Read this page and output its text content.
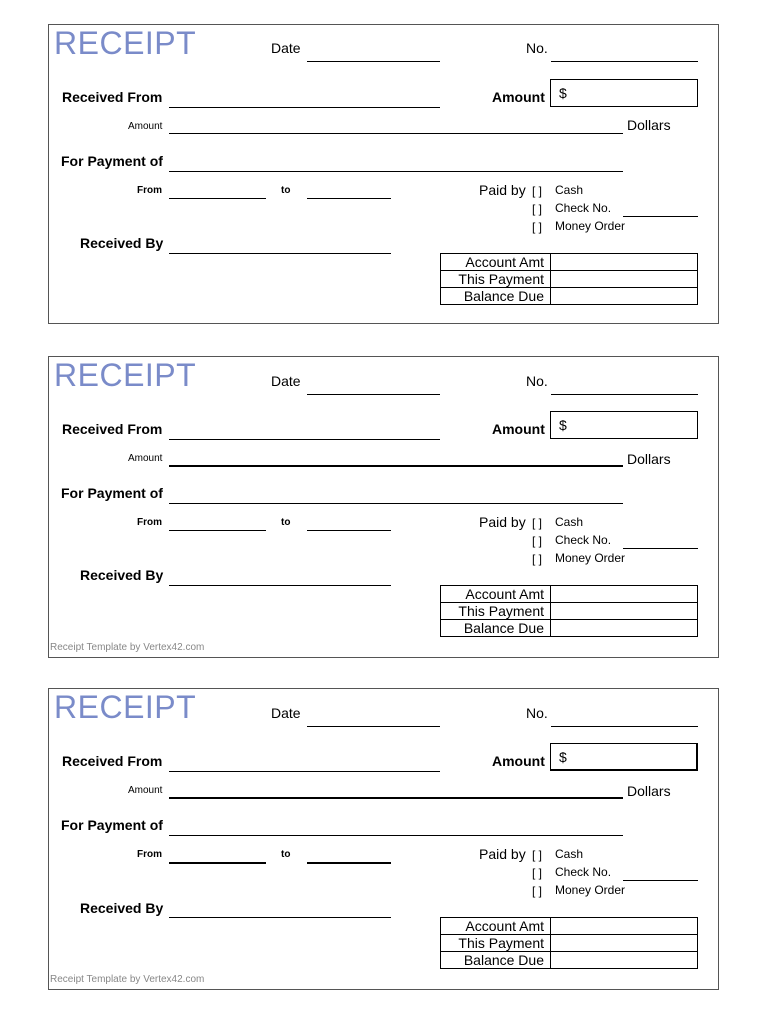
RECEIPT	Date	No.
Received From	Amount $
Amount	Dollars
For Payment of
From	to	Paid by [ ] Cash
[ ] Check No.
[ ] Money Order
Received By
Account Amt	
This Payment	
Balance Due	
RECEIPT	Date	No.
Received From	Amount $
Amount	Dollars
For Payment of
From	to	Paid by [ ] Cash
[ ] Check No.
[ ] Money Order
Received By
Account Amt	
This Payment	
Balance Due	
Receipt Template by Vertex42.com
RECEIPT	Date	No.
Received From	Amount $
Amount	Dollars
For Payment of
From	to	Paid by [ ] Cash
[ ] Check No.
[ ] Money Order
Received By
Account Amt	
This Payment	
Balance Due	
Receipt Template by Vertex42.com
